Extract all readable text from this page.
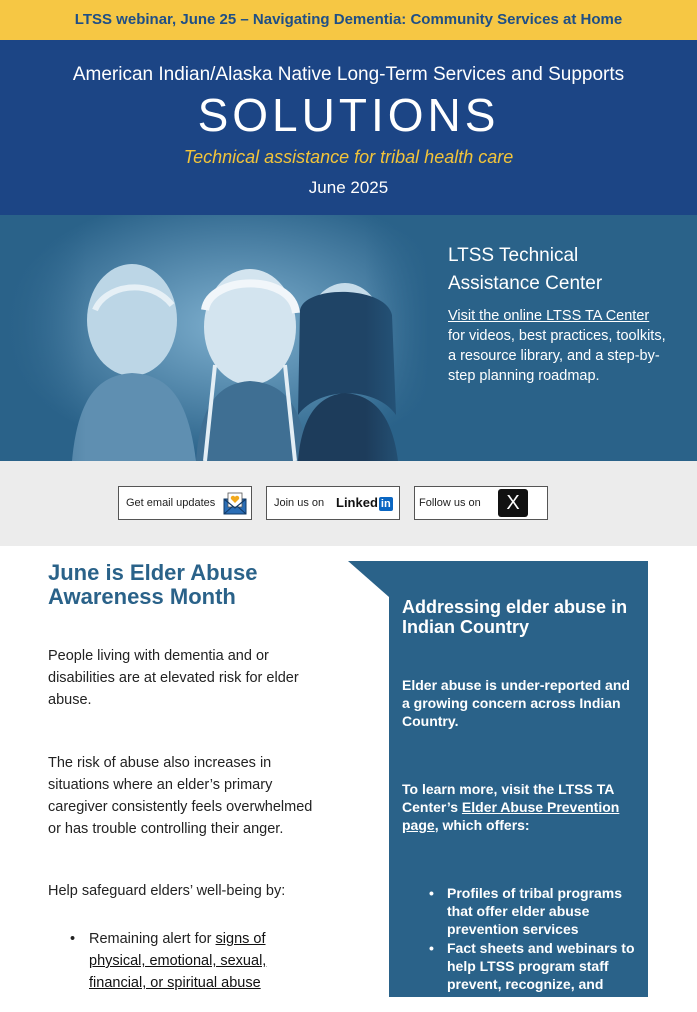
LTSS webinar, June 25 – Navigating Dementia: Community Services at Home
American Indian/Alaska Native Long-Term Services and Supports
SOLUTIONS
Technical assistance for tribal health care
June 2025
LTSS Technical
Assistance Center

Visit the online LTSS TA Center for videos, best practices, toolkits, a resource library, and a step-by-step planning roadmap.

Get email updates	Join us on Linked in	Follow us on	X
June is Elder Abuse Awareness Month

People living with dementia and or disabilities are at elevated risk for elder abuse.

The risk of abuse also increases in situations where an elder’s primary caregiver consistently feels overwhelmed or has trouble controlling their anger.

Help safeguard elders’ well-being by:

• Remaining alert for signs of physical, emotional, sexual, financial, or spiritual abuse
Addressing elder abuse in Indian Country

Elder abuse is under-reported and a growing concern across Indian Country.

To learn more, visit the LTSS TA Center’s Elder Abuse Prevention page, which offers:

• Profiles of tribal programs that offer elder abuse prevention services
• Fact sheets and webinars to help LTSS program staff prevent, recognize, and respond to elder abuse
